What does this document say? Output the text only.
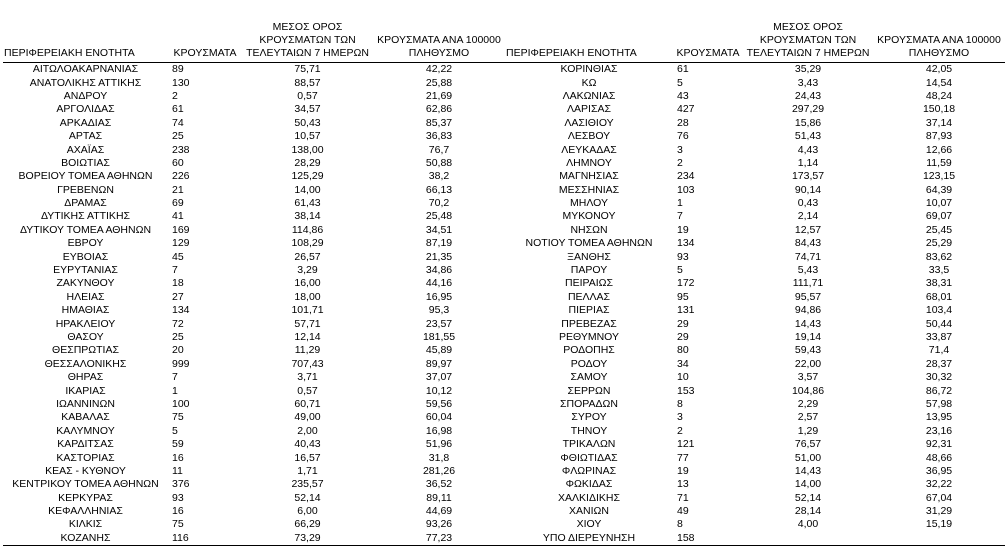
ΠΕΡΙΦΕΡΕΙΑΚΗ ΕΝΟΤΗΤΑ	ΚΡΟΥΣΜΑΤΑ	ΜΕΣΟΣ ΟΡΟΣ ΚΡΟΥΣΜΑΤΩΝ ΤΩΝ ΤΕΛΕΥΤΑΙΩΝ 7 ΗΜΕΡΩΝ	ΚΡΟΥΣΜΑΤΑ ΑΝΑ 100000 ΠΛΗΘΥΣΜΟ
ΑΙΤΩΛΟΑΚΑΡΝΑΝΙΑΣ	89	75,71	42,22
ΑΝΑΤΟΛΙΚΗΣ ΑΤΤΙΚΗΣ	130	88,57	25,88
ΑΝΔΡΟΥ	2	0,57	21,69
ΑΡΓΟΛΙΔΑΣ	61	34,57	62,86
ΑΡΚΑΔΙΑΣ	74	50,43	85,37
ΑΡΤΑΣ	25	10,57	36,83
ΑΧΑΪΑΣ	238	138,00	76,7
ΒΟΙΩΤΙΑΣ	60	28,29	50,88
ΒΟΡΕΙΟΥ ΤΟΜΕΑ ΑΘΗΝΩΝ	226	125,29	38,2
ΓΡΕΒΕΝΩΝ	21	14,00	66,13
ΔΡΑΜΑΣ	69	61,43	70,2
ΔΥΤΙΚΗΣ ΑΤΤΙΚΗΣ	41	38,14	25,48
ΔΥΤΙΚΟΥ ΤΟΜΕΑ ΑΘΗΝΩΝ	169	114,86	34,51
ΕΒΡΟΥ	129	108,29	87,19
ΕΥΒΟΙΑΣ	45	26,57	21,35
ΕΥΡΥΤΑΝΙΑΣ	7	3,29	34,86
ΖΑΚΥΝΘΟΥ	18	16,00	44,16
ΗΛΕΙΑΣ	27	18,00	16,95
ΗΜΑΘΙΑΣ	134	101,71	95,3
ΗΡΑΚΛΕΙΟΥ	72	57,71	23,57
ΘΑΣΟΥ	25	12,14	181,55
ΘΕΣΠΡΩΤΙΑΣ	20	11,29	45,89
ΘΕΣΣΑΛΟΝΙΚΗΣ	999	707,43	89,97
ΘΗΡΑΣ	7	3,71	37,07
ΙΚΑΡΙΑΣ	1	0,57	10,12
ΙΩΑΝΝΙΝΩΝ	100	60,71	59,56
ΚΑΒΑΛΑΣ	75	49,00	60,04
ΚΑΛΥΜΝΟΥ	5	2,00	16,98
ΚΑΡΔΙΤΣΑΣ	59	40,43	51,96
ΚΑΣΤΟΡΙΑΣ	16	16,57	31,8
ΚΕΑΣ - ΚΥΘΝΟΥ	11	1,71	281,26
ΚΕΝΤΡΙΚΟΥ ΤΟΜΕΑ ΑΘΗΝΩΝ	376	235,57	36,52
ΚΕΡΚΥΡΑΣ	93	52,14	89,11
ΚΕΦΑΛΛΗΝΙΑΣ	16	6,00	44,69
ΚΙΛΚΙΣ	75	66,29	93,26
ΚΟΖΑΝΗΣ	116	73,29	77,23
ΠΕΡΙΦΕΡΕΙΑΚΗ ΕΝΟΤΗΤΑ	ΚΡΟΥΣΜΑΤΑ	ΜΕΣΟΣ ΟΡΟΣ ΚΡΟΥΣΜΑΤΩΝ ΤΩΝ ΤΕΛΕΥΤΑΙΩΝ 7 ΗΜΕΡΩΝ	ΚΡΟΥΣΜΑΤΑ ΑΝΑ 100000 ΠΛΗΘΥΣΜΟ
ΚΟΡΙΝΘΙΑΣ	61	35,29	42,05
ΚΩ	5	3,43	14,54
ΛΑΚΩΝΙΑΣ	43	24,43	48,24
ΛΑΡΙΣΑΣ	427	297,29	150,18
ΛΑΣΙΘΙΟΥ	28	15,86	37,14
ΛΕΣΒΟΥ	76	51,43	87,93
ΛΕΥΚΑΔΑΣ	3	4,43	12,66
ΛΗΜΝΟΥ	2	1,14	11,59
ΜΑΓΝΗΣΙΑΣ	234	173,57	123,15
ΜΕΣΣΗΝΙΑΣ	103	90,14	64,39
ΜΗΛΟΥ	1	0,43	10,07
ΜΥΚΟΝΟΥ	7	2,14	69,07
ΝΗΣΩΝ	19	12,57	25,45
ΝΟΤΙΟΥ ΤΟΜΕΑ ΑΘΗΝΩΝ	134	84,43	25,29
ΞΑΝΘΗΣ	93	74,71	83,62
ΠΑΡΟΥ	5	5,43	33,5
ΠΕΙΡΑΙΩΣ	172	111,71	38,31
ΠΕΛΛΑΣ	95	95,57	68,01
ΠΙΕΡΙΑΣ	131	94,86	103,4
ΠΡΕΒΕΖΑΣ	29	14,43	50,44
ΡΕΘΥΜΝΟΥ	29	19,14	33,87
ΡΟΔΟΠΗΣ	80	59,43	71,4
ΡΟΔΟΥ	34	22,00	28,37
ΣΑΜΟΥ	10	3,57	30,32
ΣΕΡΡΩΝ	153	104,86	86,72
ΣΠΟΡΑΔΩΝ	8	2,29	57,98
ΣΥΡΟΥ	3	2,57	13,95
ΤΗΝΟΥ	2	1,29	23,16
ΤΡΙΚΑΛΩΝ	121	76,57	92,31
ΦΘΙΩΤΙΔΑΣ	77	51,00	48,66
ΦΛΩΡΙΝΑΣ	19	14,43	36,95
ΦΩΚΙΔΑΣ	13	14,00	32,22
ΧΑΛΚΙΔΙΚΗΣ	71	52,14	67,04
ΧΑΝΙΩΝ	49	28,14	31,29
ΧΙΟΥ	8	4,00	15,19
ΥΠΟ ΔΙΕΡΕΥΝΗΣΗ	158		
